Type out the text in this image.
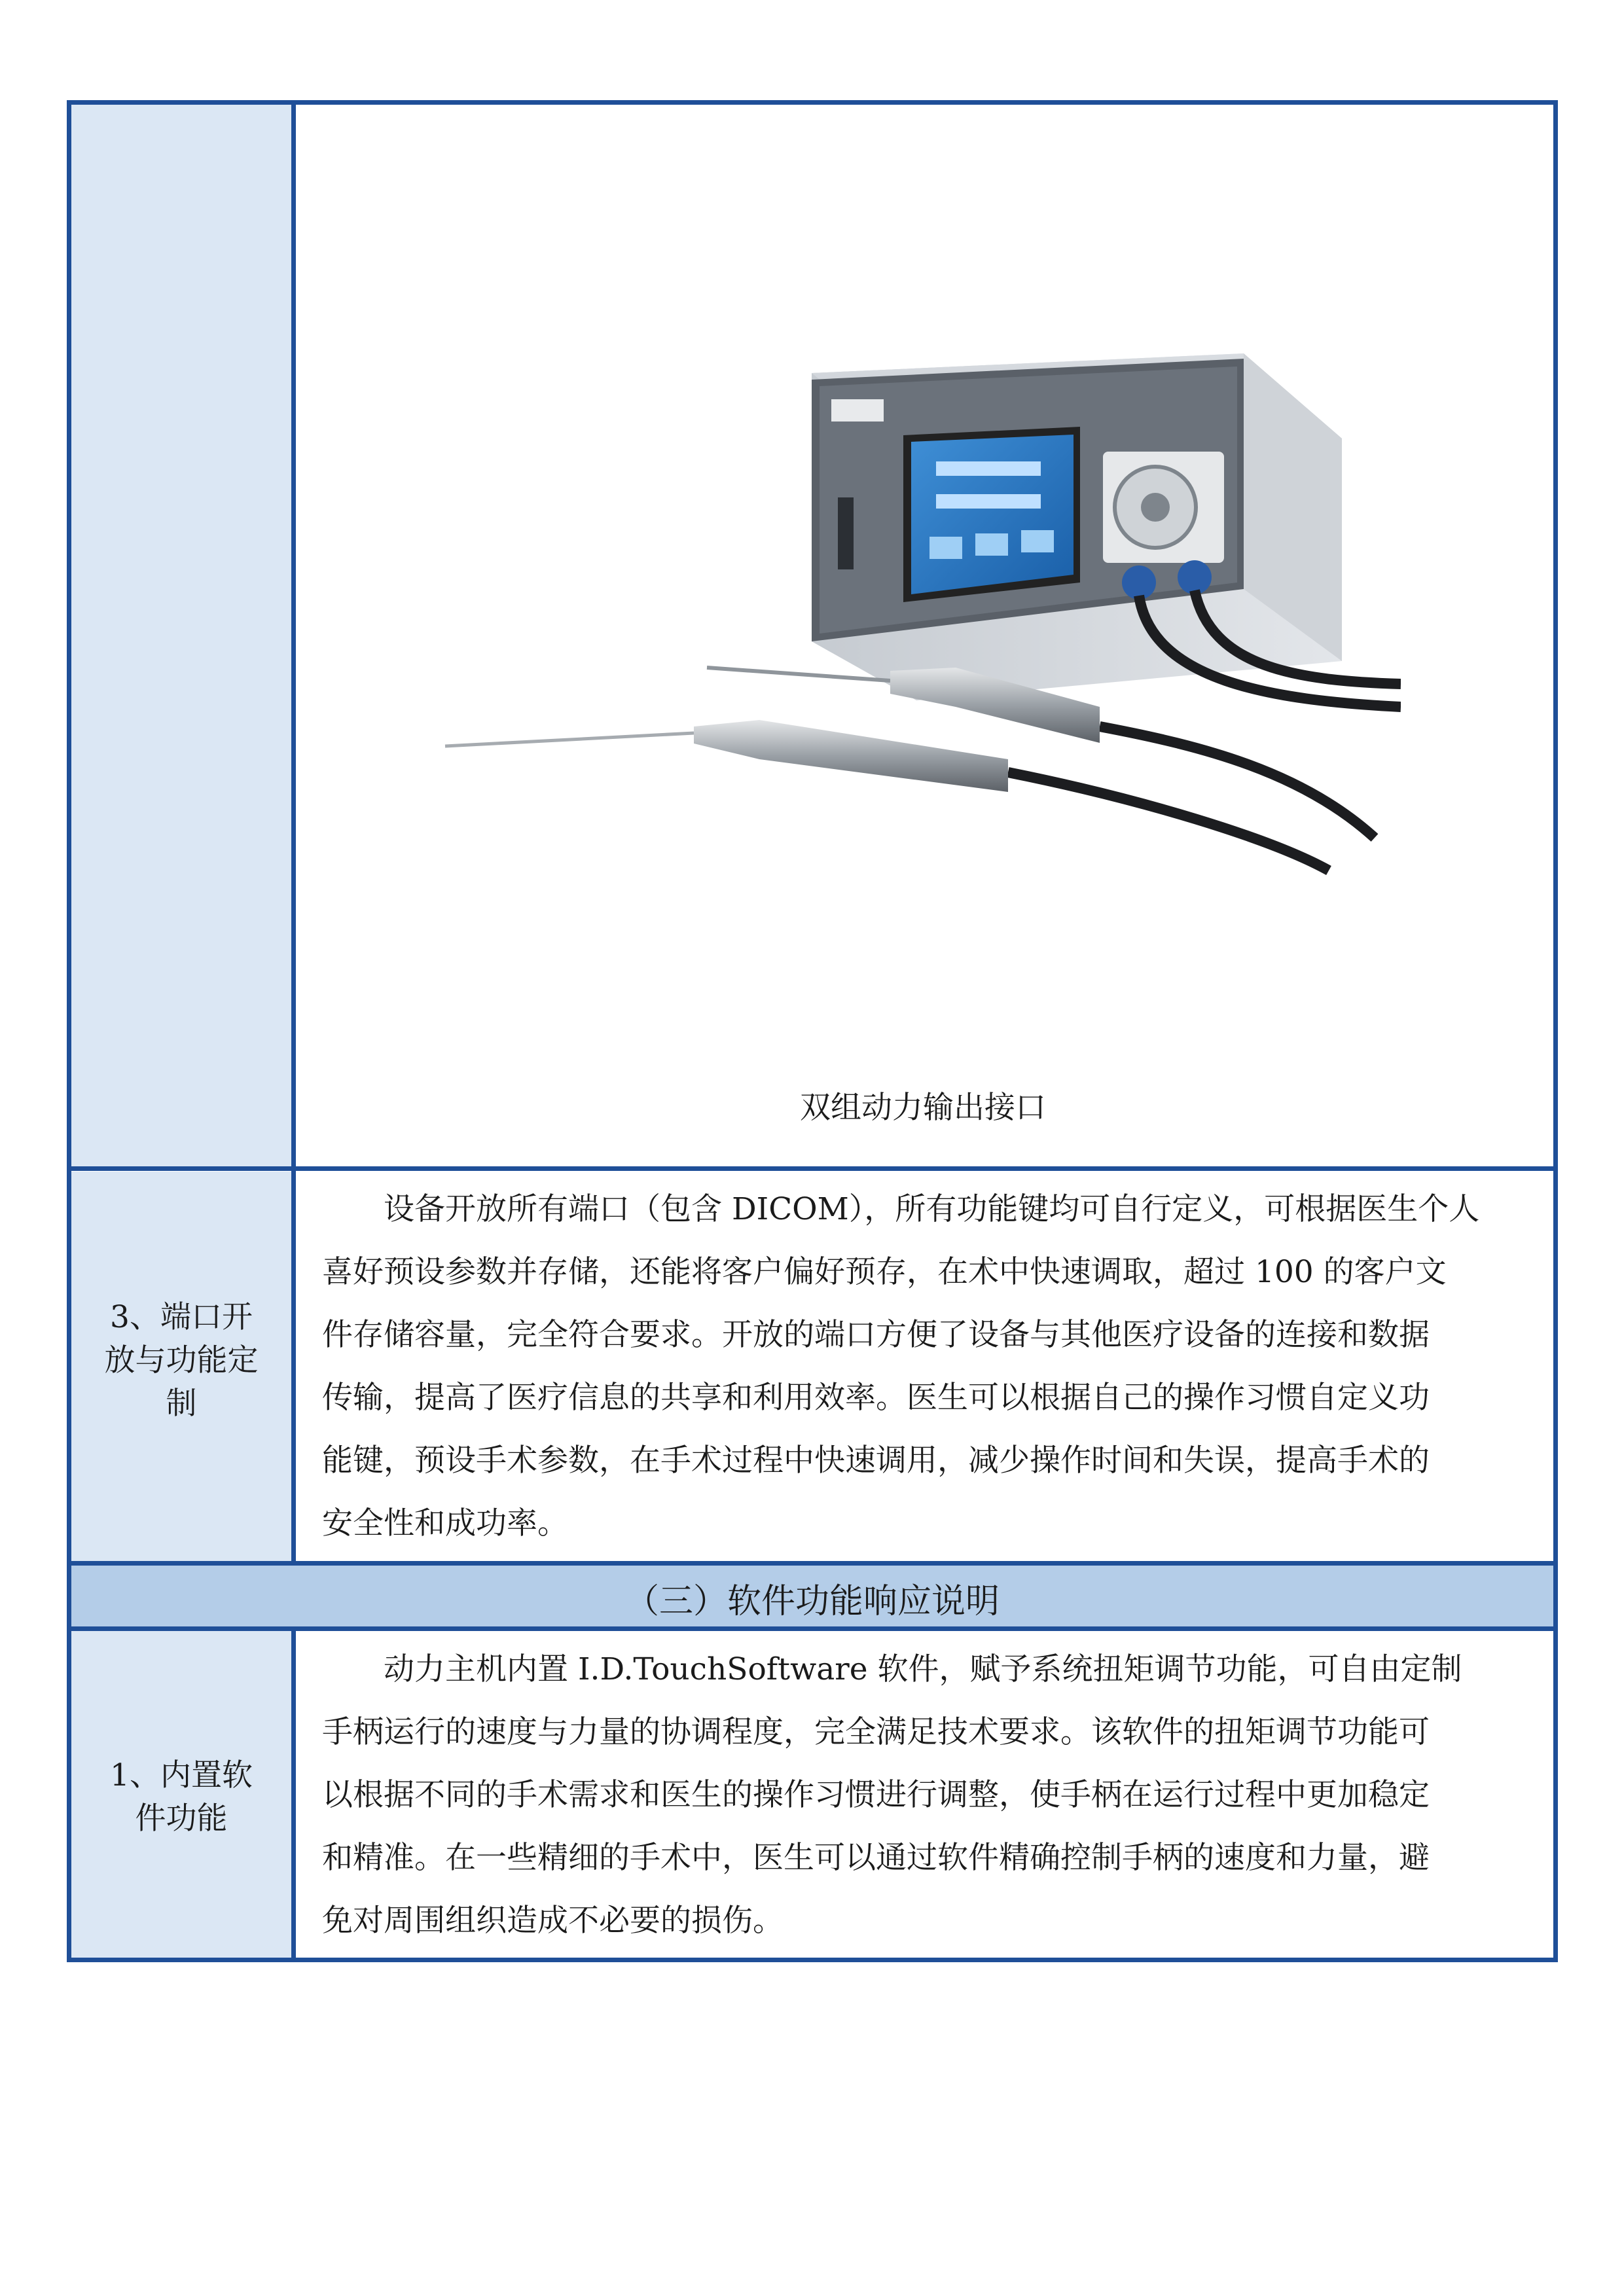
（三）软件功能响应说明
双组动力输出接口
3、端口开
放与功能定
制
设备开放所有端口（包含 DICOM），所有功能键均可自行定义，可根据医生个人
喜好预设参数并存储，还能将客户偏好预存，在术中快速调取，超过 100 的客户文
件存储容量，完全符合要求。开放的端口方便了设备与其他医疗设备的连接和数据
传输，提高了医疗信息的共享和利用效率。医生可以根据自己的操作习惯自定义功
能键，预设手术参数，在手术过程中快速调用，减少操作时间和失误，提高手术的
安全性和成功率。
1、内置软
件功能
动力主机内置 I.D.TouchSoftware 软件，赋予系统扭矩调节功能，可自由定制
手柄运行的速度与力量的协调程度，完全满足技术要求。该软件的扭矩调节功能可
以根据不同的手术需求和医生的操作习惯进行调整，使手柄在运行过程中更加稳定
和精准。在一些精细的手术中，医生可以通过软件精确控制手柄的速度和力量，避
免对周围组织造成不必要的损伤。
